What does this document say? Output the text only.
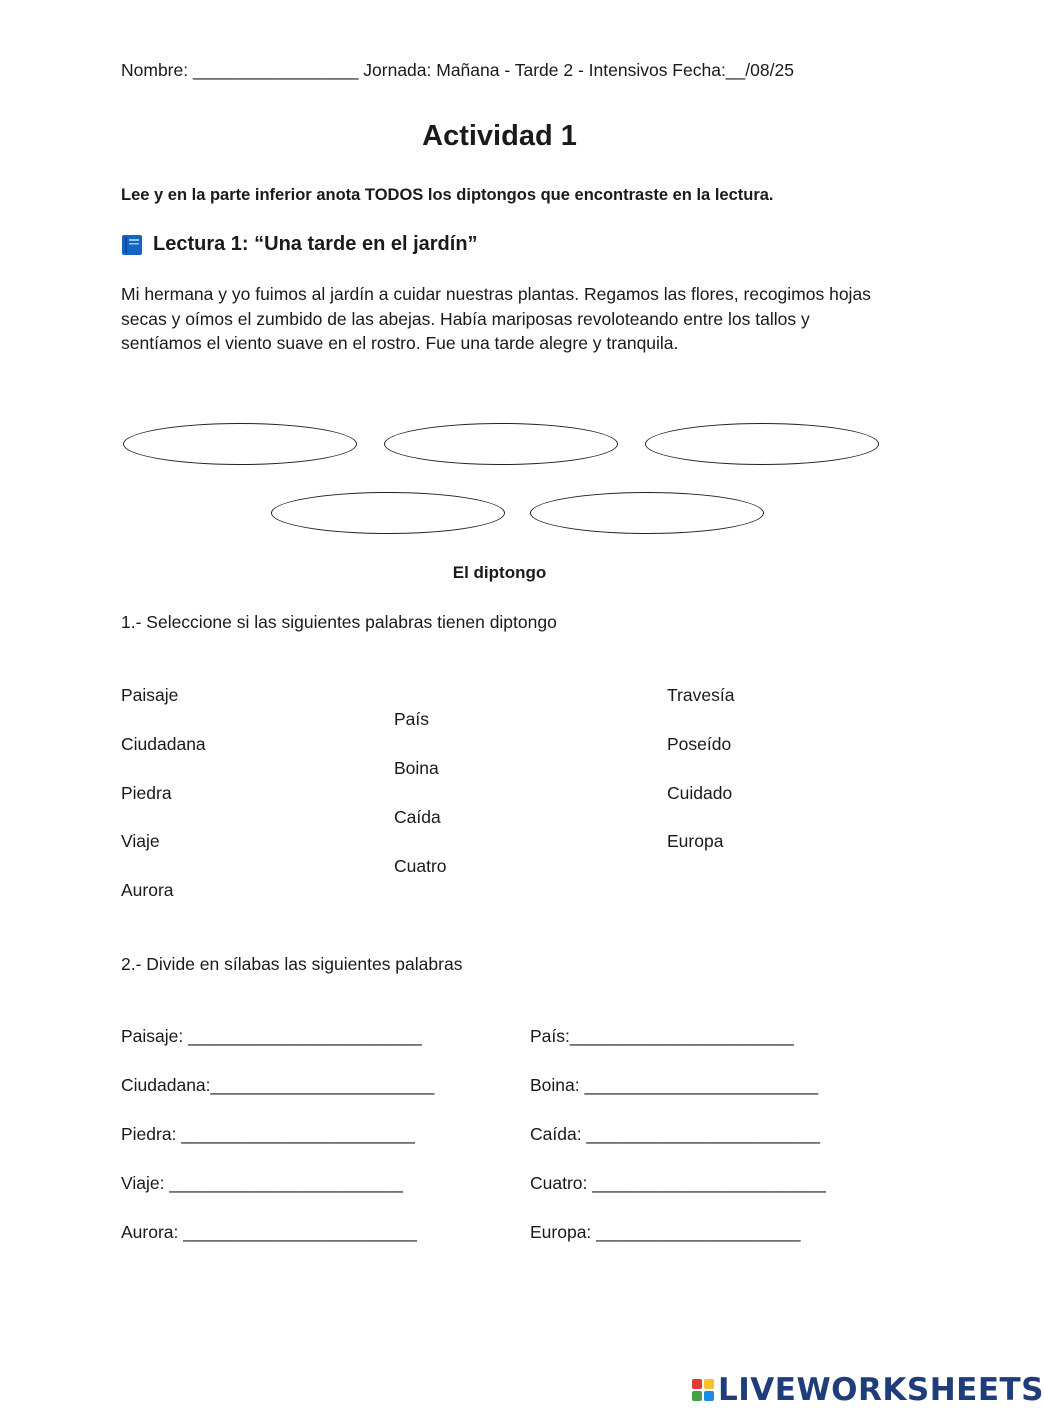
Nombre: _________________ Jornada: Mañana - Tarde 2 - Intensivos Fecha:__/08/25
Actividad 1
Lee y en la parte inferior anota TODOS los diptongos que encontraste en la lectura.
Lectura 1: “Una tarde en el jardín”
Mi hermana y yo fuimos al jardín a cuidar nuestras plantas. Regamos las flores, recogimos hojas secas y oímos el zumbido de las abejas. Había mariposas revoloteando entre los tallos y sentíamos el viento suave en el rostro. Fue una tarde alegre y tranquila.
El diptongo
1.- Seleccione si las siguientes palabras tienen diptongo
Paisaje
Ciudadana
Piedra
Viaje
Aurora
País
Boina
Caída
Cuatro
Travesía
Poseído
Cuidado
Europa
2.- Divide en sílabas las siguientes palabras
Paisaje: ________________________
Ciudadana:_______________________
Piedra: ________________________
Viaje: ________________________
Aurora: ________________________
País:_______________________
Boina: ________________________
Caída: ________________________
Cuatro: ________________________
Europa: _____________________
LIVEWORKSHEETS
